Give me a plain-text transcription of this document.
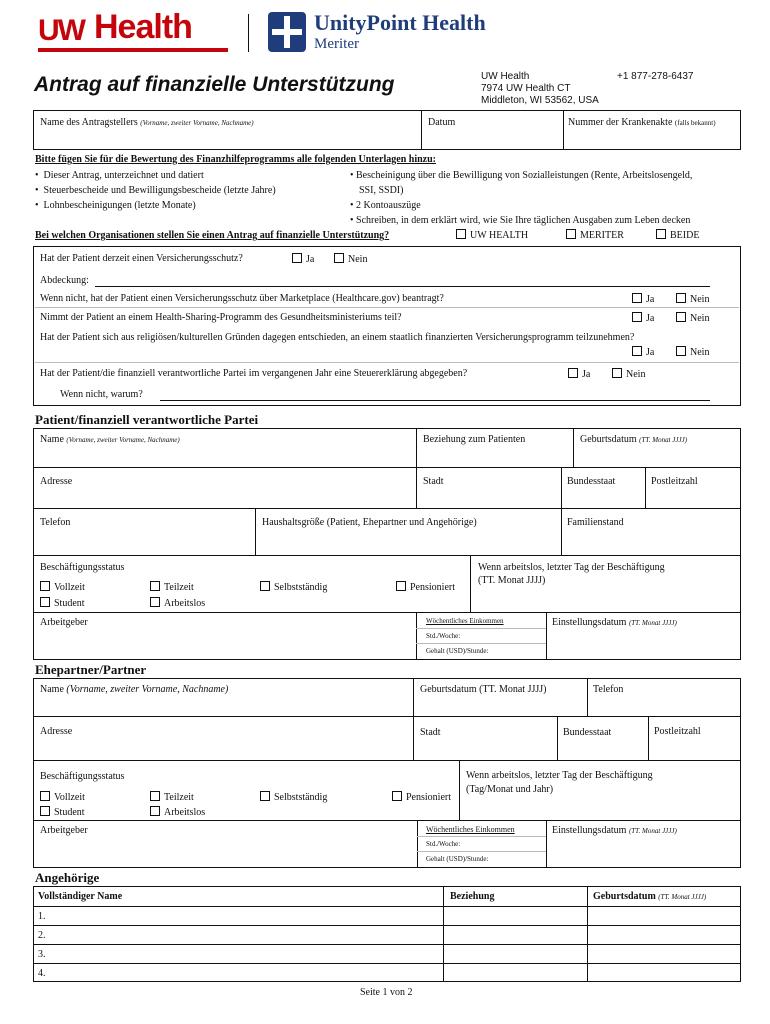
UW Health	UnityPoint Health
Meriter
Antrag auf finanzielle Unterstützung	UW Health	+1 877-278-6437
7974 UW Health CT
Middleton, WI 53562, USA
Name des Antragstellers (Vorname, zweiter Vorname, Nachname)	Datum	Nummer der Krankenakte (falls bekannt)
Bitte fügen Sie für die Bewertung des Finanzhilfeprogramms alle folgenden Unterlagen hinzu:
• Dieser Antrag, unterzeichnet und datiert
• Steuerbescheide und Bewilligungsbescheide (letzte Jahre)
• Lohnbescheinigungen (letzte Monate)
• Bescheinigung über die Bewilligung von Sozialleistungen (Rente, Arbeitslosengeld,
SSI, SSDI)
• 2 Kontoauszüge
• Schreiben, in dem erklärt wird, wie Sie Ihre täglichen Ausgaben zum Leben decken
Bei welchen Organisationen stellen Sie einen Antrag auf finanzielle Unterstützung?	UW HEALTH	MERITER	BEIDE
Hat der Patient derzeit einen Versicherungsschutz?	Ja	Nein
Abdeckung:
Wenn nicht, hat der Patient einen Versicherungsschutz über Marketplace (Healthcare.gov) beantragt?	Ja	Nein
Nimmt der Patient an einem Health-Sharing-Programm des Gesundheitsministeriums teil?	Ja	Nein
Hat der Patient sich aus religiösen/kulturellen Gründen dagegen entschieden, an einem staatlich finanzierten Versicherungsprogramm teilzunehmen?
Ja	Nein
Hat der Patient/die finanziell verantwortliche Partei im vergangenen Jahr eine Steuererklärung abgegeben?	Ja	Nein
Wenn nicht, warum?
Patient/finanziell verantwortliche Partei
Name (Vorname, zweiter Vorname, Nachname)	Beziehung zum Patienten	Geburtsdatum (TT. Monat JJJJ)
Adresse	Stadt	Bundesstaat	Postleitzahl
Telefon	Haushaltsgröße (Patient, Ehepartner und Angehörige)	Familienstand
Beschäftigungsstatus	Wenn arbeitslos, letzter Tag der Beschäftigung
(TT. Monat JJJJ)
Vollzeit	Teilzeit	Selbstständig	Pensioniert
Student	Arbeitslos
Arbeitgeber	Wöchentliches Einkommen
Std./Woche:
Gehalt (USD)/Stunde:
Einstellungsdatum (TT. Monat JJJJ)
Ehepartner/Partner
Name (Vorname, zweiter Vorname, Nachname)	Geburtsdatum (TT. Monat JJJJ)	Telefon
Adresse	Stadt	Bundesstaat	Postleitzahl
Beschäftigungsstatus	Wenn arbeitslos, letzter Tag der Beschäftigung
(Tag/Monat und Jahr)
Vollzeit	Teilzeit	Selbstständig	Pensioniert
Student	Arbeitslos
Arbeitgeber	Wöchentliches Einkommen
Std./Woche:
Gehalt (USD)/Stunde:
Einstellungsdatum (TT. Monat JJJJ)
Angehörige
Vollständiger Name	Beziehung	Geburtsdatum (TT. Monat JJJJ)
1.
2.
3.
4.
Seite 1 von 2
